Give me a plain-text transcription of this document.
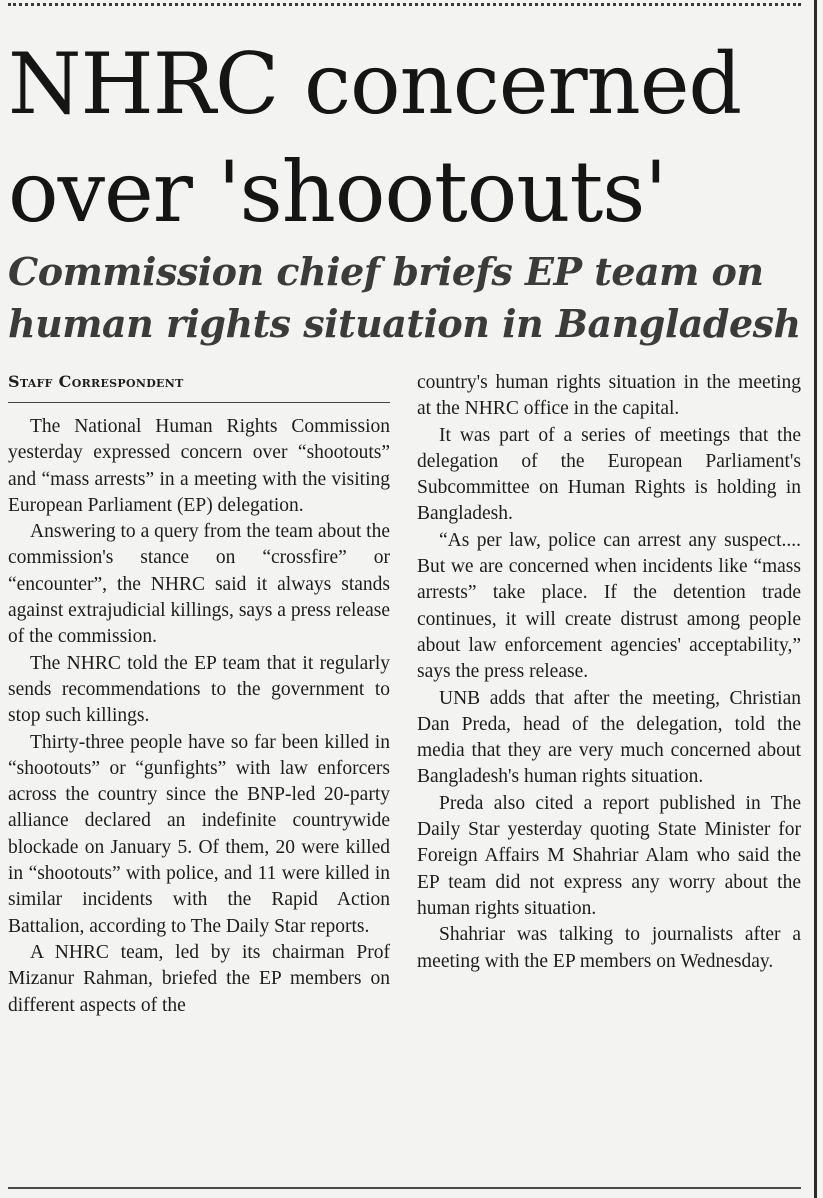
NHRC concerned over 'shootouts'
Commission chief briefs EP team on human rights situation in Bangladesh
Staff Correspondent

The National Human Rights Commission yesterday expressed concern over “shootouts” and “mass arrests” in a meeting with the visiting European Parliament (EP) delegation.

Answering to a query from the team about the commission's stance on “crossfire” or “encounter”, the NHRC said it always stands against extrajudicial killings, says a press release of the commission.

The NHRC told the EP team that it regularly sends recommendations to the government to stop such killings.

Thirty-three people have so far been killed in “shootouts” or “gunfights” with law enforcers across the country since the BNP-led 20-party alliance declared an indefinite countrywide blockade on January 5. Of them, 20 were killed in “shootouts” with police, and 11 were killed in similar incidents with the Rapid Action Battalion, according to The Daily Star reports.

A NHRC team, led by its chairman Prof Mizanur Rahman, briefed the EP members on different aspects of the

country's human rights situation in the meeting at the NHRC office in the capital.

It was part of a series of meetings that the delegation of the European Parliament's Subcommittee on Human Rights is holding in Bangladesh.

“As per law, police can arrest any suspect.... But we are concerned when incidents like “mass arrests” take place. If the detention trade continues, it will create distrust among people about law enforcement agencies' acceptability,” says the press release.

UNB adds that after the meeting, Christian Dan Preda, head of the delegation, told the media that they are very much concerned about Bangladesh's human rights situation.

Preda also cited a report published in The Daily Star yesterday quoting State Minister for Foreign Affairs M Shahriar Alam who said the EP team did not express any worry about the human rights situation.

Shahriar was talking to journalists after a meeting with the EP members on Wednesday.
